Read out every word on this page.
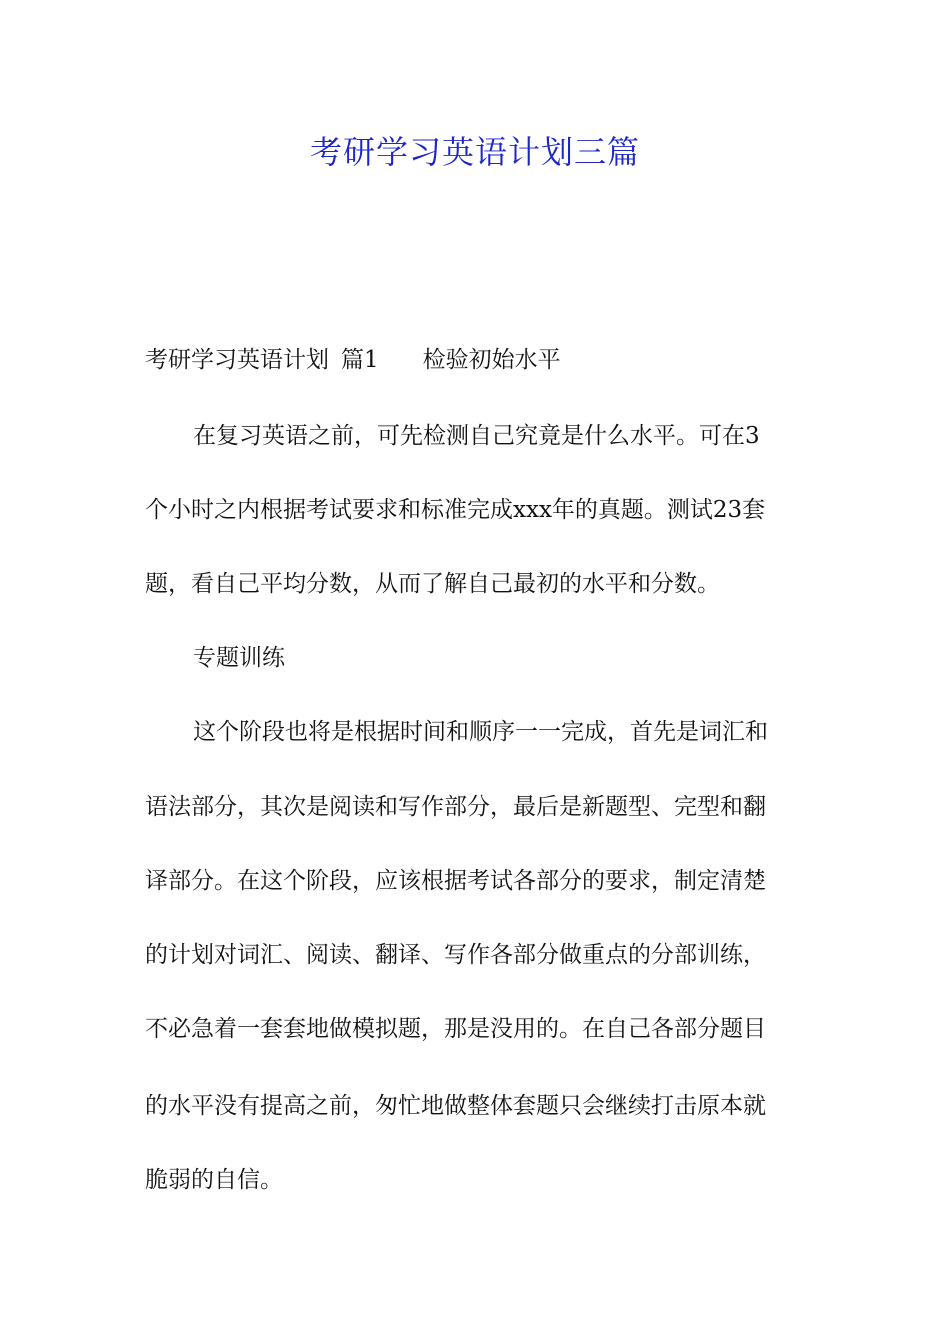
考研学习英语计划三篇
考研学习英语计划 篇1 检验初始水平
在复习英语之前，可先检测自己究竟是什么水平。可在3
个小时之内根据考试要求和标准完成xxx年的真题。测试23套
题，看自己平均分数，从而了解自己最初的水平和分数。
专题训练
这个阶段也将是根据时间和顺序一一完成，首先是词汇和
语法部分，其次是阅读和写作部分，最后是新题型、完型和翻
译部分。在这个阶段，应该根据考试各部分的要求，制定清楚
的计划对词汇、阅读、翻译、写作各部分做重点的分部训练，
不必急着一套套地做模拟题，那是没用的。在自己各部分题目
的水平没有提高之前，匆忙地做整体套题只会继续打击原本就
脆弱的自信。
